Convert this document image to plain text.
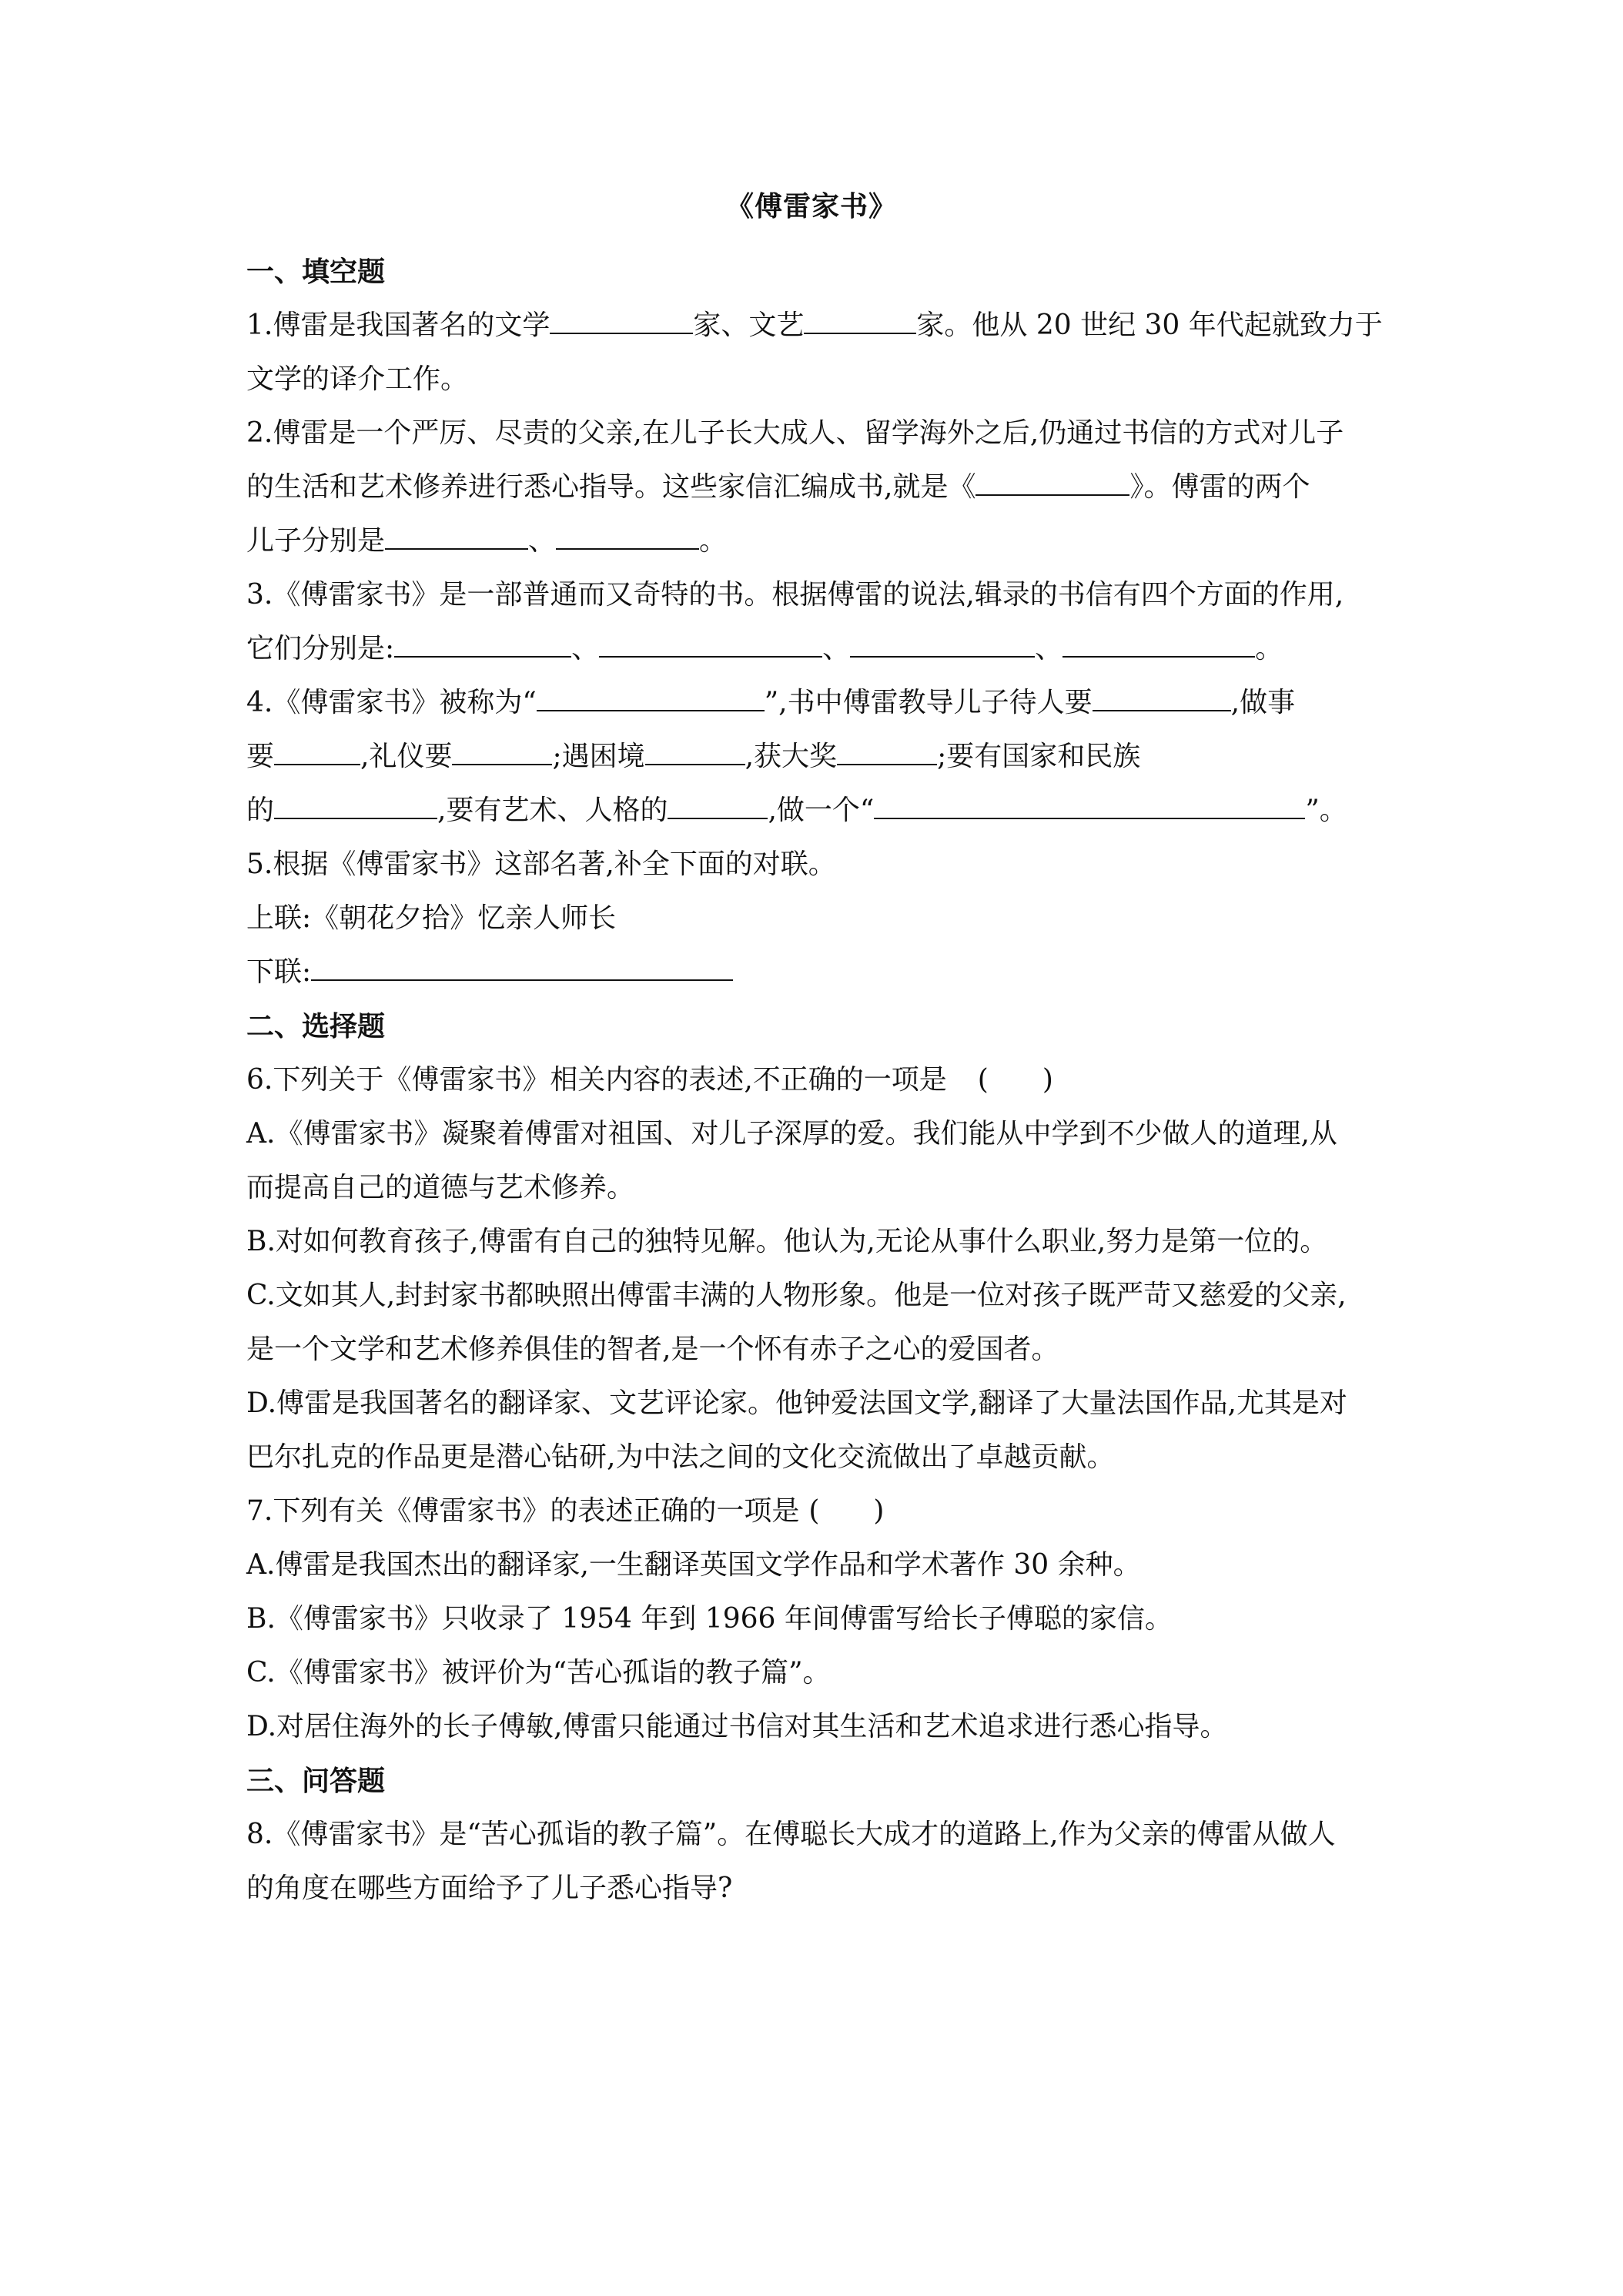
《傅雷家书》
一、填空题
1.傅雷是我国著名的文学	家、文艺	家。他从 20 世纪 30 年代起就致力于
文学的译介工作。
2.傅雷是一个严厉、尽责的父亲,在儿子长大成人、留学海外之后,仍通过书信的方式对儿子
的生活和艺术修养进行悉心指导。这些家信汇编成书,就是《	》。傅雷的两个
儿子分别是	、	。
3.《傅雷家书》是一部普通而又奇特的书。根据傅雷的说法,辑录的书信有四个方面的作用,
它们分别是:	、	、	、	。
4.《傅雷家书》被称为“	”,书中傅雷教导儿子待人要	,做事
要	,礼仪要	;遇困境	,获大奖	;要有国家和民族
的	,要有艺术、人格的	,做一个“	”。
5.根据《傅雷家书》这部名著,补全下面的对联。
上联:《朝花夕拾》忆亲人师长
下联:
二、选择题
6.下列关于《傅雷家书》相关内容的表述,不正确的一项是 ( )
A.《傅雷家书》凝聚着傅雷对祖国、对儿子深厚的爱。我们能从中学到不少做人的道理,从
而提高自己的道德与艺术修养。
B.对如何教育孩子,傅雷有自己的独特见解。他认为,无论从事什么职业,努力是第一位的。
C.文如其人,封封家书都映照出傅雷丰满的人物形象。他是一位对孩子既严苛又慈爱的父亲,
是一个文学和艺术修养俱佳的智者,是一个怀有赤子之心的爱国者。
D.傅雷是我国著名的翻译家、文艺评论家。他钟爱法国文学,翻译了大量法国作品,尤其是对
巴尔扎克的作品更是潜心钻研,为中法之间的文化交流做出了卓越贡献。
7.下列有关《傅雷家书》的表述正确的一项是 ( )
A.傅雷是我国杰出的翻译家,一生翻译英国文学作品和学术著作 30 余种。
B.《傅雷家书》只收录了 1954 年到 1966 年间傅雷写给长子傅聪的家信。
C.《傅雷家书》被评价为“苦心孤诣的教子篇”。
D.对居住海外的长子傅敏,傅雷只能通过书信对其生活和艺术追求进行悉心指导。
三、问答题
8.《傅雷家书》是“苦心孤诣的教子篇”。在傅聪长大成才的道路上,作为父亲的傅雷从做人
的角度在哪些方面给予了儿子悉心指导?
